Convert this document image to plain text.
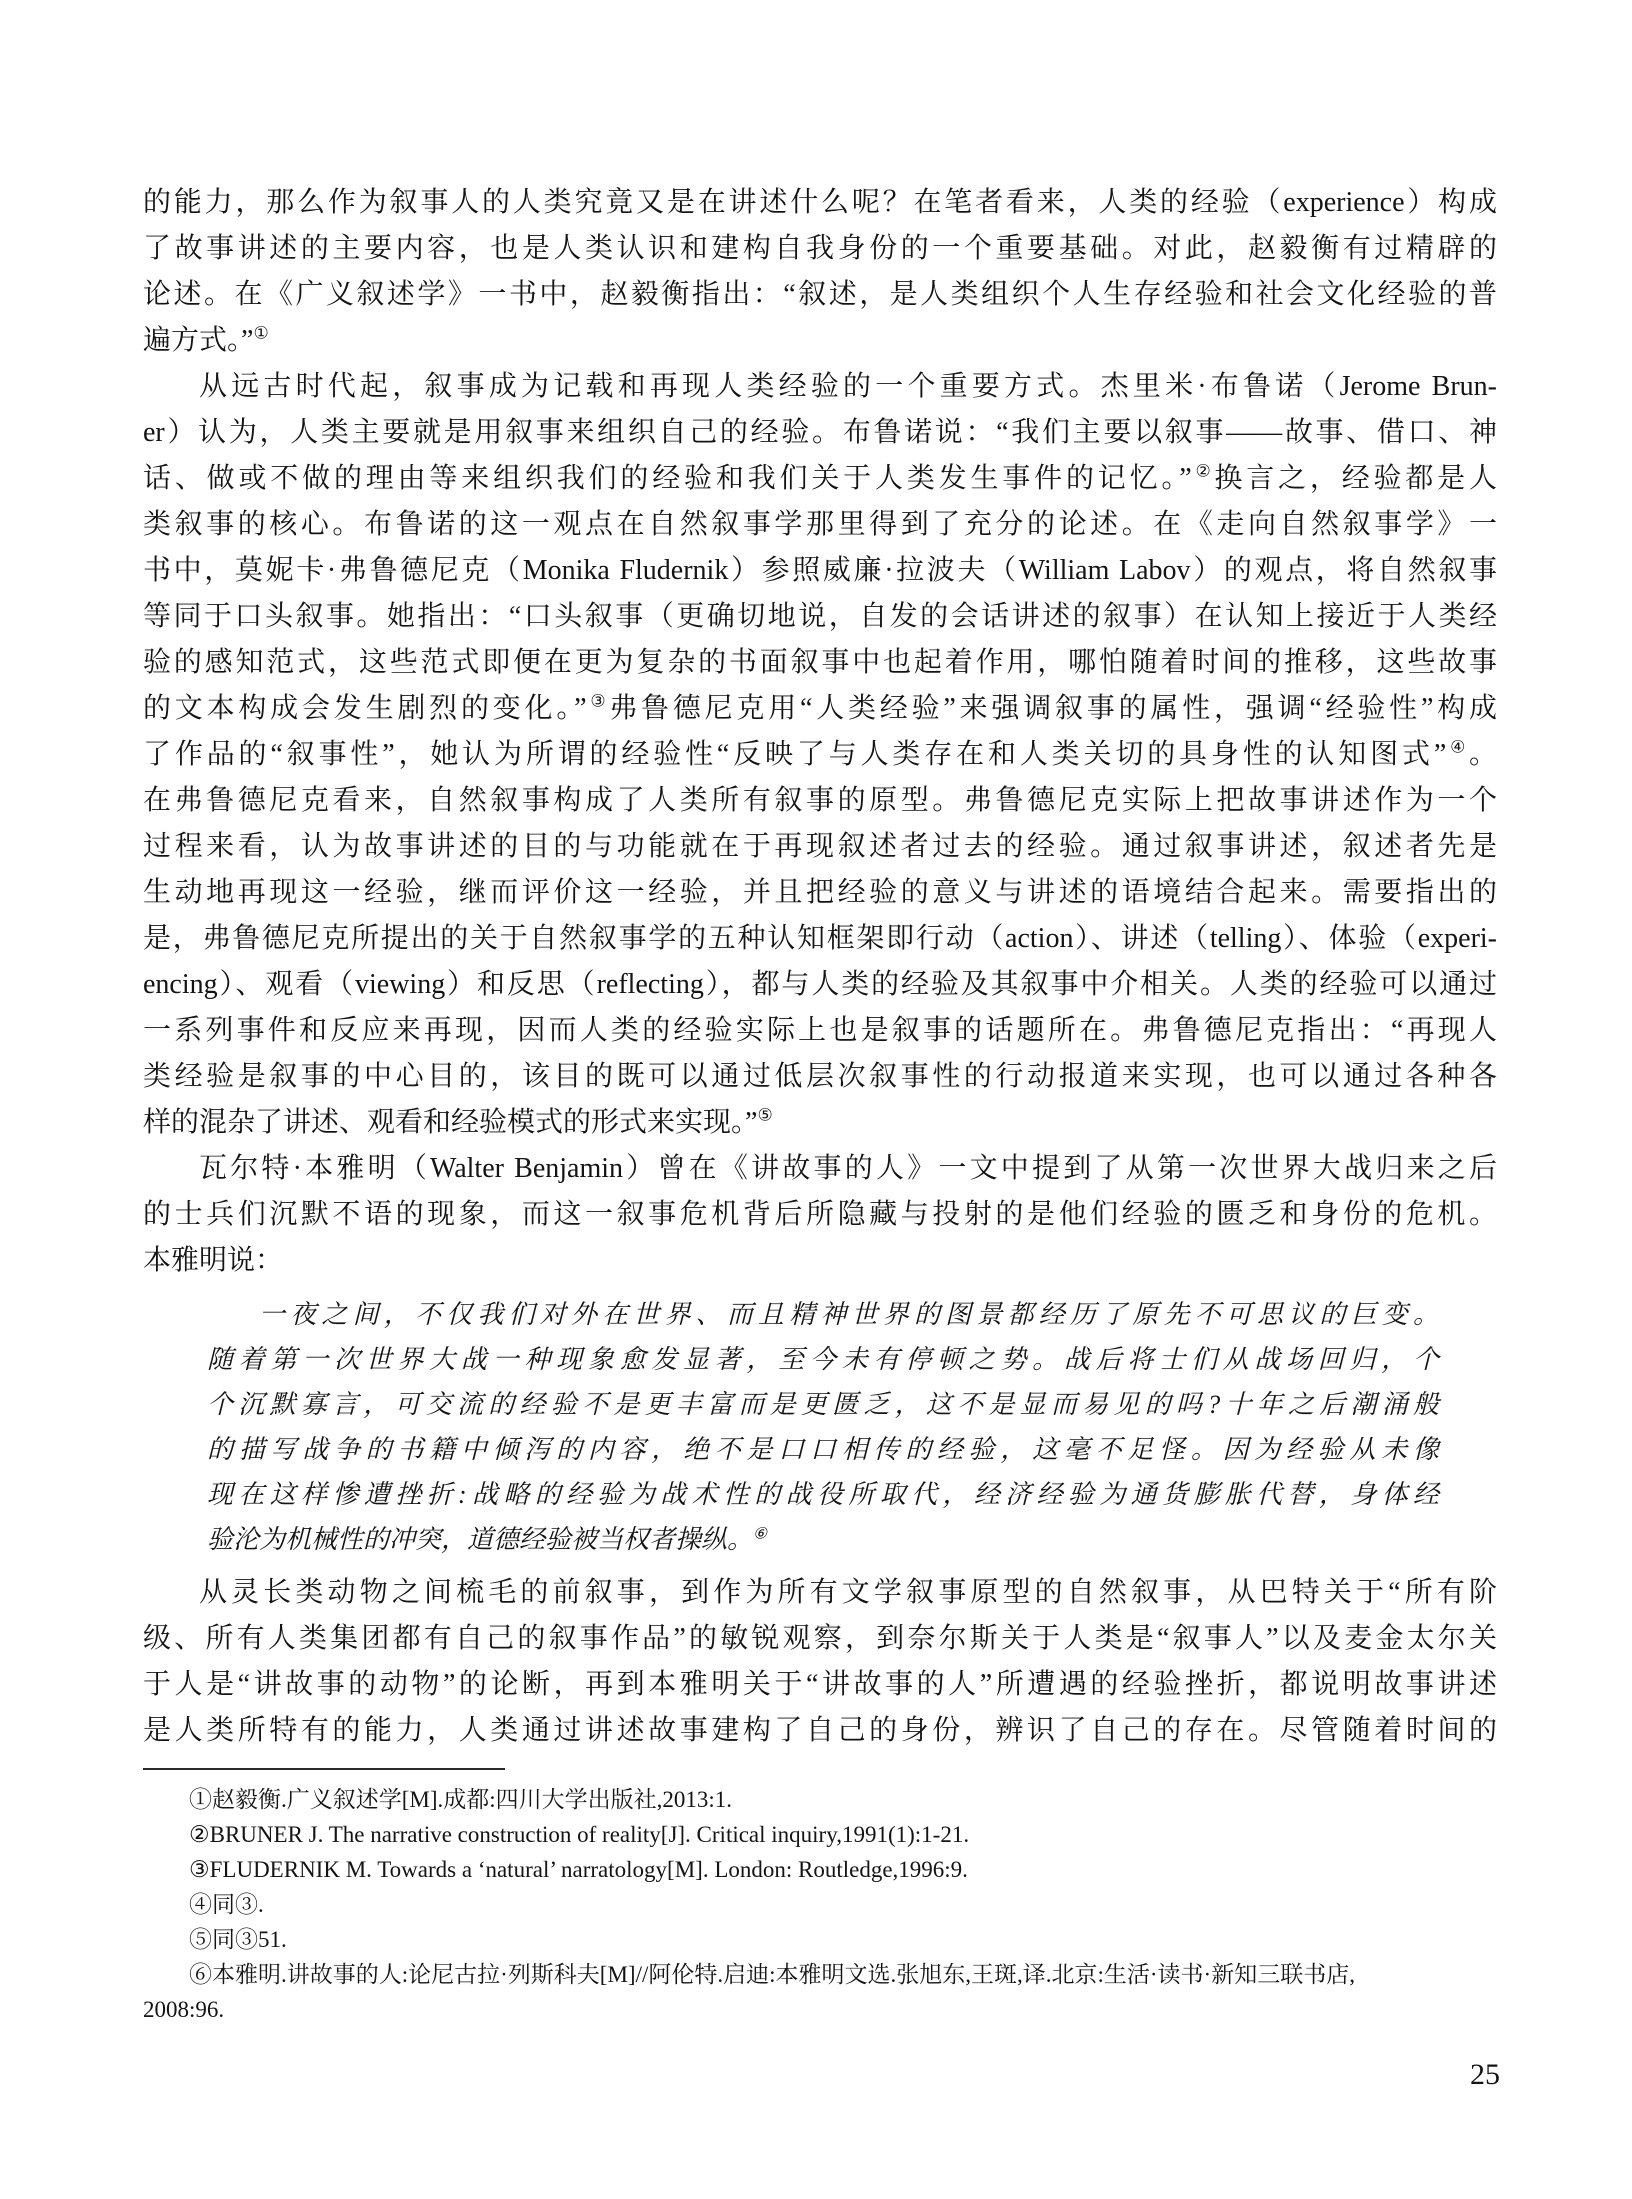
的能力，那么作为叙事人的人类究竟又是在讲述什么呢？在笔者看来，人类的经验（experience）构成
了故事讲述的主要内容，也是人类认识和建构自我身份的一个重要基础。对此，赵毅衡有过精辟的
论述。在《广义叙述学》一书中，赵毅衡指出：“叙述，是人类组织个人生存经验和社会文化经验的普
遍方式。”①
从远古时代起，叙事成为记载和再现人类经验的一个重要方式。杰里米·布鲁诺（Jerome Brun-
er）认为，人类主要就是用叙事来组织自己的经验。布鲁诺说：“我们主要以叙事——故事、借口、神
话、做或不做的理由等来组织我们的经验和我们关于人类发生事件的记忆。”②换言之，经验都是人
类叙事的核心。布鲁诺的这一观点在自然叙事学那里得到了充分的论述。在《走向自然叙事学》一
书中，莫妮卡·弗鲁德尼克（Monika Fludernik）参照威廉·拉波夫（William Labov）的观点，将自然叙事
等同于口头叙事。她指出：“口头叙事（更确切地说，自发的会话讲述的叙事）在认知上接近于人类经
验的感知范式，这些范式即便在更为复杂的书面叙事中也起着作用，哪怕随着时间的推移，这些故事
的文本构成会发生剧烈的变化。”③弗鲁德尼克用“人类经验”来强调叙事的属性，强调“经验性”构成
了作品的“叙事性”，她认为所谓的经验性“反映了与人类存在和人类关切的具身性的认知图式”④。
在弗鲁德尼克看来，自然叙事构成了人类所有叙事的原型。弗鲁德尼克实际上把故事讲述作为一个
过程来看，认为故事讲述的目的与功能就在于再现叙述者过去的经验。通过叙事讲述，叙述者先是
生动地再现这一经验，继而评价这一经验，并且把经验的意义与讲述的语境结合起来。需要指出的
是，弗鲁德尼克所提出的关于自然叙事学的五种认知框架即行动（action）、讲述（telling）、体验（experi-
encing）、观看（viewing）和反思（reflecting），都与人类的经验及其叙事中介相关。人类的经验可以通过
一系列事件和反应来再现，因而人类的经验实际上也是叙事的话题所在。弗鲁德尼克指出：“再现人
类经验是叙事的中心目的，该目的既可以通过低层次叙事性的行动报道来实现，也可以通过各种各
样的混杂了讲述、观看和经验模式的形式来实现。”⑤
瓦尔特·本雅明（Walter Benjamin）曾在《讲故事的人》一文中提到了从第一次世界大战归来之后
的士兵们沉默不语的现象，而这一叙事危机背后所隐藏与投射的是他们经验的匮乏和身份的危机。
本雅明说：
一夜之间，不仅我们对外在世界、而且精神世界的图景都经历了原先不可思议的巨变。
随着第一次世界大战一种现象愈发显著，至今未有停顿之势。战后将士们从战场回归，个
个沉默寡言，可交流的经验不是更丰富而是更匮乏，这不是显而易见的吗?十年之后潮涌般
的描写战争的书籍中倾泻的内容，绝不是口口相传的经验，这毫不足怪。因为经验从未像
现在这样惨遭挫折:战略的经验为战术性的战役所取代，经济经验为通货膨胀代替，身体经
验沦为机械性的冲突，道德经验被当权者操纵。⑥
从灵长类动物之间梳毛的前叙事，到作为所有文学叙事原型的自然叙事，从巴特关于“所有阶
级、所有人类集团都有自己的叙事作品”的敏锐观察，到奈尔斯关于人类是“叙事人”以及麦金太尔关
于人是“讲故事的动物”的论断，再到本雅明关于“讲故事的人”所遭遇的经验挫折，都说明故事讲述
是人类所特有的能力，人类通过讲述故事建构了自己的身份，辨识了自己的存在。尽管随着时间的
①赵毅衡.广义叙述学[M].成都:四川大学出版社,2013:1.
②BRUNER J. The narrative construction of reality[J]. Critical inquiry,1991(1):1-21.
③FLUDERNIK M. Towards a ‘natural’ narratology[M]. London: Routledge,1996:9.
④同③.
⑤同③51.
⑥本雅明.讲故事的人:论尼古拉·列斯科夫[M]//阿伦特.启迪:本雅明文选.张旭东,王斑,译.北京:生活·读书·新知三联书店,
2008:96.
25
